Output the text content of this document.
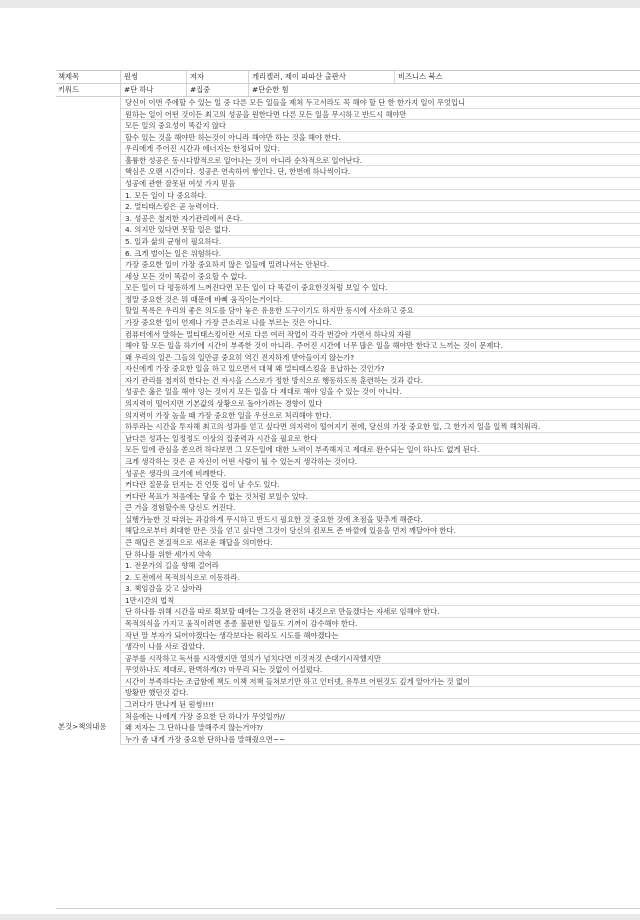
책제목	원씽	저자	게리켈러, 제이 파파산 출판사	비즈니스 북스
키워드	#단 하나	#집중	#단순한 힘
본것>책의내용
당신이 이번 주에할 수 있는 일 중 다른 모든 일들을 제쳐 두고서라도 꼭 해야 할 단 한 한가지 일이 무엇입니
원하는 일이 어떤 것이든 최고의 성공을 원한다면 다른 모든 일을 무시하고 반드시 해야만
모든 일의 중요성이 똑같지 않다
할수 있는 것을 해야만 하는것이 아니라 해야만 하는 것을 해야 한다.
우리에게 주어진 시간과 에너지는 한정되어 있다.
훌륭한 성공은 동시다발적으로 일어나는 것이 아니라 순차적으로 일어난다.
핵심은 오랜 시간이다. 성공은 연속하여 쌓인다. 단, 한번에 하나씩이다.
성공에 관한 잘못된 여섯 가지 믿음
1. 모든 일이 다 중요하다.
2. 멀티태스킹은 곧 능력이다.
3. 성공은 철저한 자기관리에서 온다.
4. 의지만 있다면 못할 일은 없다.
5. 일과 삶의 균형이 필요하다.
6. 크게 벌이는 일은 위험하다.
가장 중요한 일이 가장 중요하지 않은 일들에 밀려나서는 안된다.
세상 모든 것이 똑같이 중요할 수 없다.
모든 일이 다 평등하게 느껴진다면 모든 일이 다 똑같이 중요한것처럼 보일 수 있다.
정말 중요한 것은 뭐 때문에 바삐 움직이는거이다.
할일 목록은 우리의 좋은 의도를 담아 놓은 유용한 도구이기도 하지만 동시에 사소하고 중요
가장 중요한 일이 언제나 가장 큰소리로 나를 부르는 것은 아니다.
컴퓨터에서 말하는 멀티태스킹이란 서로 다른 여러 작업이 각각 번갈아 가면서 하나의 자원
해야 할 모든 일을 하기에 시간이 부족한 것이 아니라. 주어진 시간에 너무 많은 일을 해야만 한다고 느끼는 것이 문제다.
왜 우리의 일은 그들의 일만큼 중요히 역긴 진지하게 받아들이지 않는가?
자신에게 가장 중요한 일을 하고 있으면서 대체 왜 멀티태스킹을 용납하는 것인가?
자기 관리를 철저히 한다는 건 자시을 스스로가 정한 방식으로 행동하도록 훈련하는 것과 같다.
성공은 옳은 일을 해야 잉는 것이지 모든 일을 다 제대로 해야 잉을 수 있는 것이 아니다.
의지력이 떨어지면 기본값의 상황으로 돌아가려는 경향이 있다
의지력이 가장 높을 때 가장 중요한 일을 우선으로 처리해야 한다.
하루라는 시간을 투자해 최고의 성과를 얻고 싶다면 의지력이 떨어지기 전에, 당신의 가장 중요한 일, 그 한가지 일을 일찍 해치워라.
남다른 성과는 일정정도 이상의 집중력과 시간을 필요로 한다
모든 일에 관심을 쏟으려 하다보면 그 모든일에 대한 노력이 부족해지고 제대로 완수되는 일이 하나도 없게 된다.
크게 생각하는 것은 곧 자신이 어떤 사람이 될 수 있는지 생각하는 것이다.
성공은 생각의 크기에 비례한다.
커다란 질문을 던지는 건 언뜻 겁이 날 수도 있다.
커다란 목표가 처음에는 닿을 수 없는 것처럼 보일수 있다.
큰 거을 경험할수록 당신도 커진다.
실행가능한 것 따위는 과감하게 무시하고 반드시 필요한 것 중요한 것에 초점을 맞추게 해준다.
해답으로부터 최대한 만은 것을 얻고 싶다면 그것이 당신의 컴포트 존 바깥에 있음을 먼저 깨달아야 한다.
큰 해답은 본질적으로 새로운 해답을 의미한다.
단 하나를 위한 세가지 약속
1. 전문가의 길을 향해 걸어라
2. 도전에서 목적의식으로 이동하라.
3. 책임감을 갖고 살아라
1만시간의 법칙
단 하나를 위해 시간을 따로 확보할 때에는 그것을 완전히 내것으로 만들겠다는 자세로 임해야 한다.
목적의식을 가지고 움직이려면 종종 불편한 일들도 기꺼이 감수해야 한다.
작년 말 부자가 되어야겠다는 생각보다는 워라도 시도를 해야겠다는
생각이 나를 사로 잡았다.
공부를 시작하고 독서를 시작했지만 열의가 넘치다면 이것저것 손대기시작했지만
무엇하나도 제대로, 완벽하게(?) 마무리 되는 것없이 어설펐다.
시간이 부족하다는 조급함에 책도 이책 저책 들쳐보기만 하고 인터넷, 유투브 어떤것도 깊게 알아가는 것 없이
방황만 했던것 같다.
그러다가 만나게 된 원씽!!!!
처음에는 나에게 가장 중요한 단 하나가 무엇일까//
왜 저자는 그 단하나를 말해주지 않는거야?/
누가 좀 내게 가장 중요한 단하나를 말해줬으면~~
